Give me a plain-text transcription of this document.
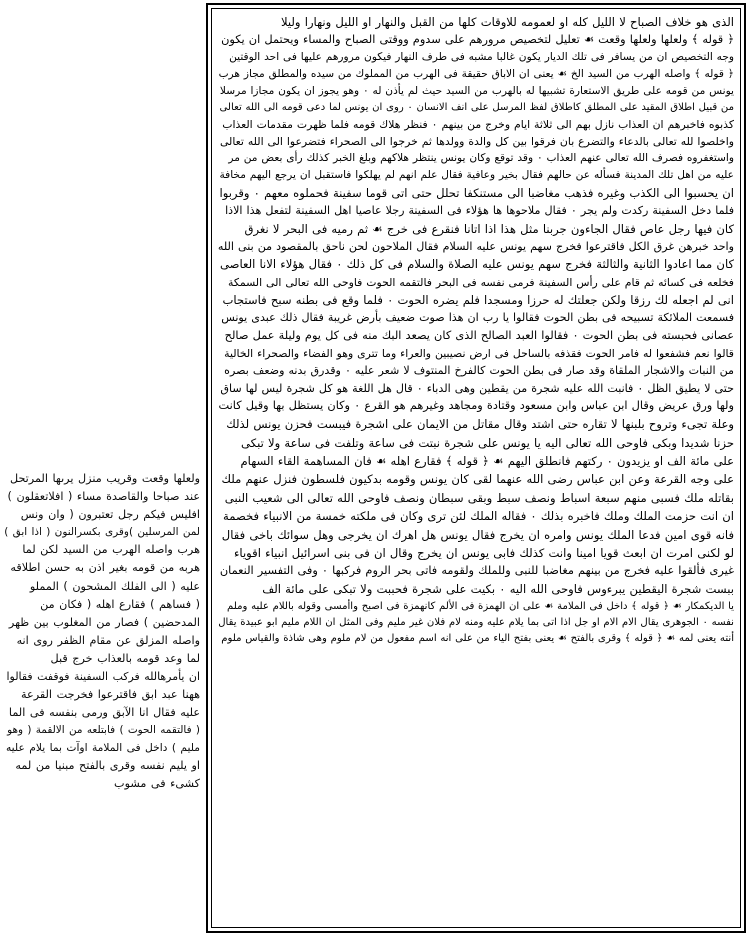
ولعلها وقعت وقريب منزل يرىها المرتحل
عند صباحا والقاصدة مساء ( افلاتعقلون )
افليس فيكم رجل تعتبرون ( وان ونس
لمن المرسلين )وقرى بكسرالنون ( اذا ابق )
هرب واصله الهرب من السيد لكن لما
هربه من قومه بغير اذن به حسن اطلاقه
عليه ( الى الفلك المشحون ) المملو
( فساهم ) فقارع اهله ( فكان من
المدحضين ) فصار من المغلوب بين ظهر
واصله المزلق عن مقام الظفر روى انه
لما وعد قومه بالعذاب خرج قبل
ان يأمرهالله فركب السفينة فوقفت فقالوا
ههنا عبد ابق فاقترعوا فخرجت القرعة
عليه فقال انا الآبق ورمى بنفسه فى الما
( فالتقمه الحوت ) فابتلعه من الالقمة ( وهو
مليم ) داخل فى الملامة اوآت بما يلام عليه
او يليم نفسه وقرى بالفتح مبنيا من لمه
كشىء فى مشوب
الذى هو خلاف الصباح لا الليل كله او لعمومه للاوقات كلها من القبل والنهار او الليل ونهارا وليلا
﴿ قوله ﴾ ولعلها ولعلها وقعت ☙ تعليل لتخصيص مرورهم على سدوم ووقتى الصباح والمساء ويحتمل ان يكون
وجه التخصيص ان من يسافر فى تلك الديار يكون غالبا مشبه فى طرف النهار فيكون مرورهم عليها فى احد الوقتين
﴿ قوله ﴾ واصله الهرب من السيد الخ ☙ يعنى ان الاباق حقيقة فى الهرب من المملوك من سيده والمطلق مجاز هرب
يونس من قومه على طريق الاستعارة تشبيها له بالهرب من السيد حيث لم يأذن له ٠ وهو يجوز ان يكون مجازا مرسلا
من قبيل اطلاق المقيد على المطلق كاطلاق لفظ المرسل على انف الانسان ٠ روى ان يونس لما دعى قومه الى الله تعالى
كذبوه فاخبرهم ان العذاب نازل بهم الى ثلاثة ايام وخرج من بينهم ٠ فنظر هلاك قومه فلما ظهرت مقدمات العذاب
واخلصوا لله تعالى بالدعاء والتضرع بان فرقوا بين كل والدة وولدها ثم خرجوا الى الصحراء فتضرعوا الى الله تعالى
واستغفروه فصرف الله تعالى عنهم العذاب ٠ وقد توقع وكان يونس ينتظر هلاكهم وبلغ الخبر كذلك رأى بعض من مر
عليه من اهل تلك المدينة فسأله عن حالهم فقال بخير وعافية فقال علم انهم لم يهلكوا فاستقبل ان يرجع اليهم مخافة
ان يحسبوا الى الكذب وغيره فذهب مغاضبا الى مستنكفا تحلل حتى اتى قوما سفينة فحملوه معهم ٠ وقربوا
فلما دخل السفينة ركدت ولم يجر ٠ فقال ملاحوها ها هؤلاء فى السفينة رجلا عاصيا اهل السفينة لتفعل هذا الاذا
كان فيها رجل عاص فقال الجاءون جربنا مثل هذا اذا اتانا فنقرع فى خرج ☙ ثم رميه فى البحر لا نغرق
واحد خبرهن غرق الكل فاقترعوا فخرج سهم يونس عليه السلام فقال الملاحون لحن ناحق بالمقصود من بنى الله
كان مما اعادوا الثانية والثالثة فخرج سهم يونس عليه الصلاة والسلام فى كل ذلك ٠ فقال هؤلاء الانا العاصى
فخلعه فى كسائه ثم قام على رأس السفينة فرمى نفسه فى البحر فالتقمه الحوت فاوحى الله تعالى الى السمكة
انى لم اجعله لك رزقا ولكن جعلتك له حرزا ومسجدا فلم يضره الحوت ٠ فلما وقع فى بطنه سبح فاستجاب
فسمعت الملائكة تسبيحه فى بطن الحوت فقالوا يا رب ان هذا صوت ضعيف بأرض غريبة فقال ذلك عبدى يونس
عصانى فحبسته فى بطن الحوت ٠ فقالوا العبد الصالح الذى كان يصعد البك منه فى كل يوم وليلة عمل صالح
قالوا نعم فشفعوا له فامر الحوت فقذفه بالساحل فى ارض نصيبين والعراء وما تترى وهو الفضاء والصحراء الخالية
من النبات والاشجار الملقاة وقد صار فى بطن الحوت كالفرخ المنتوف لا شعر عليه ٠ وقدرق بدنه وضعف بصره
حتى لا يطيق الظل ٠ فانبت الله عليه شجرة من يقطين وهى الدباء ٠ قال هل اللغة هو كل شجرة ليس لها ساق
ولها ورق عريض وقال ابن عباس وابن مسعود وقتادة ومجاهد وغيرهم هو القرع ٠ وكان يستظل بها وقيل كانت
وعلة تجىء وتروح بلبنها لا تقاره حتى اشتد وقال مقاتل من الايمان على اشجرة فيبست فحزن يونس لذلك
حزنا شديدا وبكى فاوحى الله تعالى اليه يا يونس على شجرة نبتت فى ساعة وتلفت فى ساعة ولا تبكى
على مائة الف او يزيدون ٠ ركتهم فانطلق اليهم ☙ ﴿ قوله ﴾ فقارع اهله ☙ فان المساهمة القاء السهام
على وجه القرعة وعن ابن عباس رضى الله عنهما لقى كان يونس وقومه بدكيون فلسطون فنزل عنهم ملك
بقاتله ملك فسبى منهم سبعة اسباط ونصف سبط وبقى سبطان ونصف فاوحى الله تعالى الى شعيب النبى
ان انت حزمت الملك وملك فاخبره بذلك ٠ فقاله الملك لئن ترى وكان فى ملكته خمسة من الانبياء فخصمة
فانه قوى امين فدعا الملك يونس وامره ان يخرج فقال يونس هل اهرك ان يخرجى وهل سوائك باخى فقال
لو لكنى امرت ان ابعث قويا امينا وانت كذلك فابى يونس ان يخرج وقال ان فى بنى اسرائيل انبياء اقوياء
غيرى فألقوا عليه فخرج من بينهم مغاضبا للنبى وللملك ولقومه فاتى بحر الروم فركبها ٠ وفى التفسير النعمان
ببست شجرة اليقطين يبرءوس فاوحى الله اليه ٠ بكيت على شجرة فحببت ولا تبكى على مائة الف
يا الديكمكار ☙ ﴿ قوله ﴾ داخل فى الملامة ☙ على ان الهمزة فى الألم كانهمزة فى اصبح واأمسى وقوله باللام عليه وملم
نفسه ٠ الجوهرى يقال الام الام او جل اذا اتى بما يلام عليه ومنه لام فلان غير مليم وفى المثل ان اللام مليم ابو عبيدة يقال
أنته يعنى لمه ☙ ﴿ قوله ﴾ وقرى بالفتح ☙ يعنى بفتح الياء من على انه اسم مفعول من لام ملوم وهى شاذة والقياس ملوم
